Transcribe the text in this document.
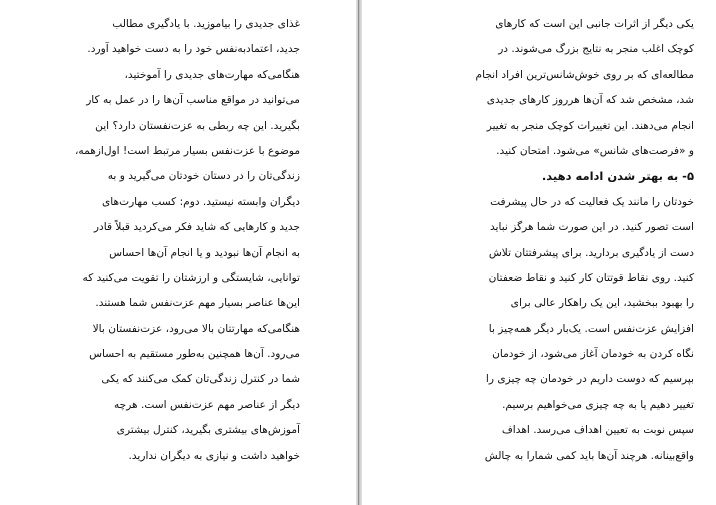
غذای جدیدی را بیاموزید. با یادگیری مطالب
جدید، اعتمادبه‌نفس خود را به دست خواهید آورد.
هنگامی‌که مهارت‌های جدیدی را آموختید،
می‌توانید در مواقع مناسب آن‌ها را در عمل به کار
بگیرید. این چه ربطی به عزت‌نفستان دارد؟ این
موضوع با عزت‌نفس بسیار مرتبط است! اول‌ازهمه،
زندگی‌تان را در دستان خودتان می‌گیرید و به
دیگران وابسته نیستید. دوم: کسب مهارت‌های
جدید و کارهایی که شاید فکر می‌کردید قبلاً قادر
به انجام آن‌ها نبودید و یا انجام آن‌ها احساس
توانایی، شایستگی و ارزشتان را تقویت می‌کنید که
این‌ها عناصر بسیار مهم عزت‌نفس شما هستند.
هنگامی‌که مهارتتان بالا می‌رود، عزت‌نفستان بالا
می‌رود. آن‌ها همچنین به‌طور مستقیم به احساس
شما در کنترل زندگی‌تان کمک می‌کنند که یکی
دیگر از عناصر مهم عزت‌نفس است. هرچه
آموزش‌های بیشتری بگیرید، کنترل بیشتری
خواهید داشت و نیازی به دیگران ندارید.
یکی دیگر از اثرات جانبی این است که کارهای
کوچک اغلب منجر به نتایج بزرگ می‌شوند. در
مطالعه‌ای که بر روی خوش‌شانس‌ترین افراد انجام
شد، مشخص شد که آن‌ها هرروز کارهای جدیدی
انجام می‌دهند. این تغییرات کوچک منجر به تغییر
و «فرصت‌های شانس» می‌شود. امتحان کنید.
۵- به بهتر شدن ادامه دهید.
خودتان را مانند یک فعالیت که در حال پیشرفت
است تصور کنید. در این صورت شما هرگز نباید
دست از یادگیری بردارید. برای پیشرفتتان تلاش
کنید. روی نقاط قوتتان کار کنید و نقاط ضعفتان
را بهبود ببخشید، این یک راهکار عالی برای
افزایش عزت‌نفس است. یک‌بار دیگر همه‌چیز با
نگاه کردن به خودمان آغاز می‌شود، از خودمان
بپرسیم که دوست داریم در خودمان چه چیزی را
تغییر دهیم یا به چه چیزی می‌خواهیم برسیم.
سپس نوبت به تعیین اهداف می‌رسد. اهداف
واقع‌بینانه. هرچند آن‌ها باید کمی شمارا به چالش
